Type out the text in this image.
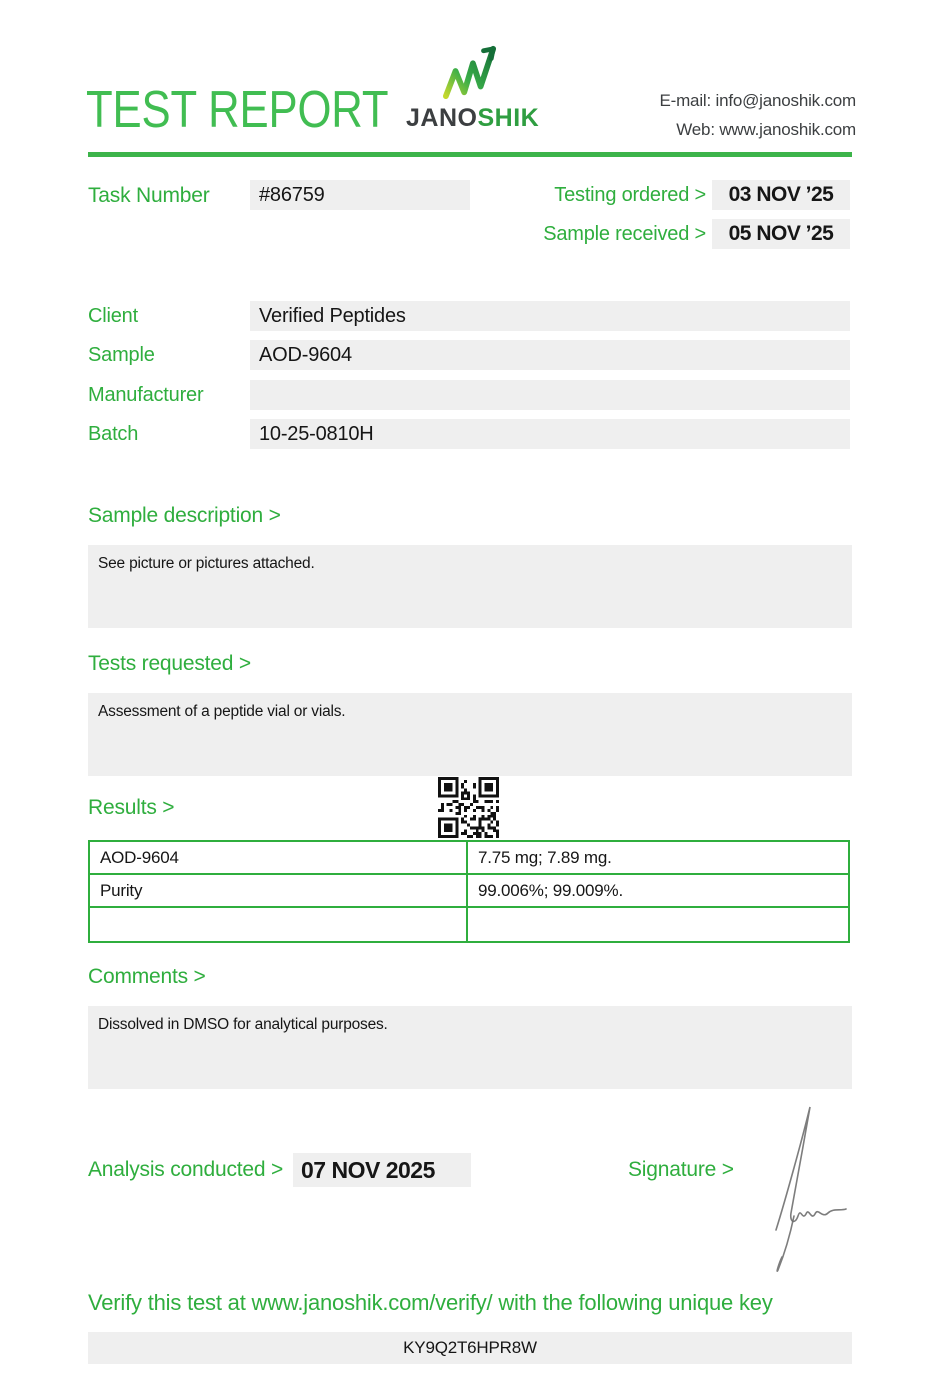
TEST REPORT JANOSHIK
E-mail: info@janoshik.com
Web: www.janoshik.com
Task Number	#86759	Testing ordered >	03 NOV ’25
Sample received >	05 NOV ’25
Client	Verified Peptides
Sample	AOD-9604
Manufacturer
Batch	10-25-0810H
Sample description >
See picture or pictures attached.
Tests requested >
Assessment of a peptide vial or vials.
Results >
AOD-9604	7.75 mg; 7.89 mg.
Purity	99.006%; 99.009%.
Comments >
Dissolved in DMSO for analytical purposes.
Analysis conducted > 07 NOV 2025	Signature >
Verify this test at www.janoshik.com/verify/ with the following unique key
KY9Q2T6HPR8W
